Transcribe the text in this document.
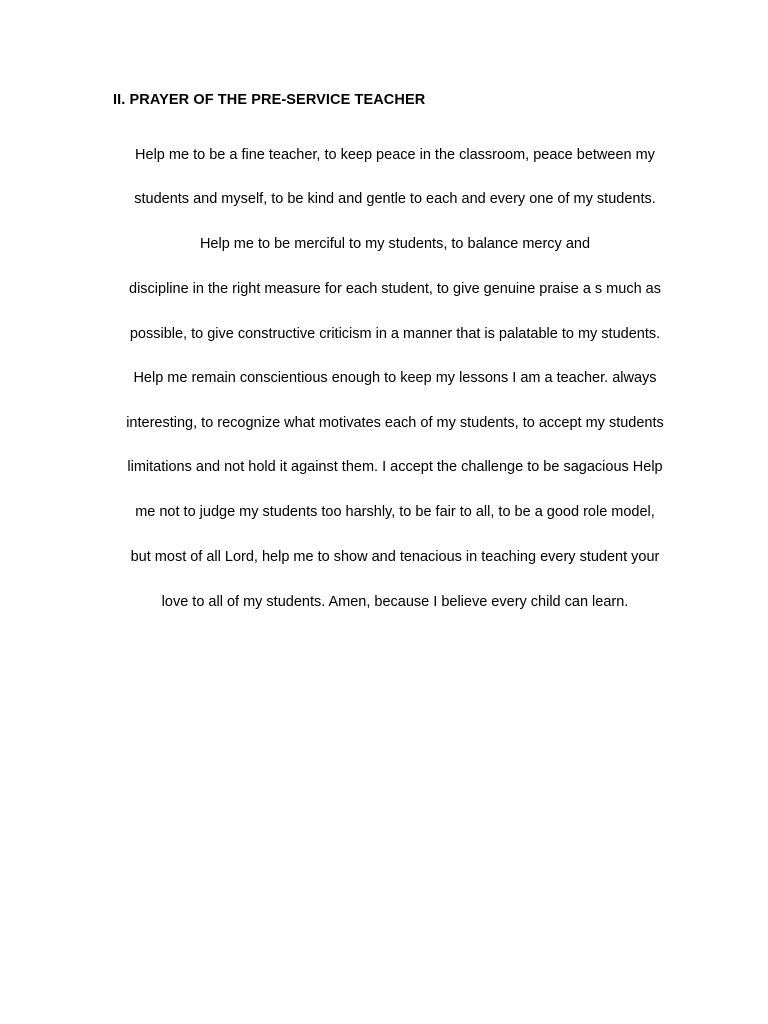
II. PRAYER OF THE PRE-SERVICE TEACHER
Help me to be a fine teacher, to keep peace in the classroom, peace between my
students and myself, to be kind and gentle to each and every one of my students.
Help me to be merciful to my students, to balance mercy and
discipline in the right measure for each student, to give genuine praise a s much as
possible, to give constructive criticism in a manner that is palatable to my students.
Help me remain conscientious enough to keep my lessons I am a teacher. always
interesting, to recognize what motivates each of my students, to accept my students
limitations and not hold it against them. I accept the challenge to be sagacious Help
me not to judge my students too harshly, to be fair to all, to be a good role model,
but most of all Lord, help me to show and tenacious in teaching every student your
love to all of my students. Amen, because I believe every child can learn.
